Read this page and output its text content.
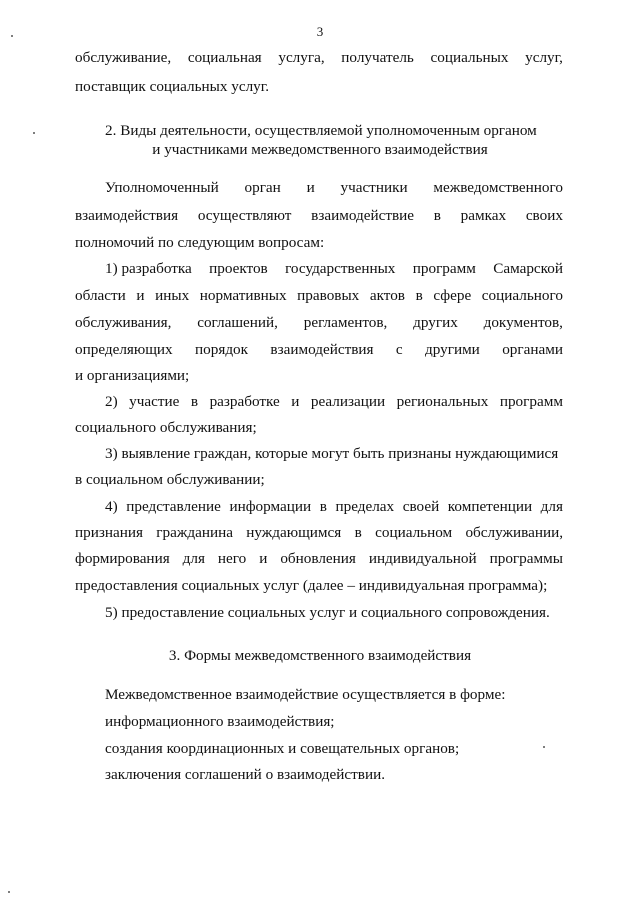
3
обслуживание, социальная услуга, получатель социальных услуг,
поставщик социальных услуг.
2. Виды деятельности, осуществляемой уполномоченным органом
и участниками межведомственного взаимодействия
Уполномоченный орган и участники межведомственного
взаимодействия осуществляют взаимодействие в рамках своих
полномочий по следующим вопросам:
1) разработка проектов государственных программ Самарской
области и иных нормативных правовых актов в сфере социального
обслуживания, соглашений, регламентов, других документов,
определяющих порядок взаимодействия с другими органами
и организациями;
2) участие в разработке и реализации региональных программ
социального обслуживания;
3) выявление граждан, которые могут быть признаны нуждающимися
в социальном обслуживании;
4) представление информации в пределах своей компетенции для
признания гражданина нуждающимся в социальном обслуживании,
формирования для него и обновления индивидуальной программы
предоставления социальных услуг (далее – индивидуальная программа);
5) предоставление социальных услуг и социального сопровождения.
3. Формы межведомственного взаимодействия
Межведомственное взаимодействие осуществляется в форме:
информационного взаимодействия;
создания координационных и совещательных органов;
заключения соглашений о взаимодействии.
